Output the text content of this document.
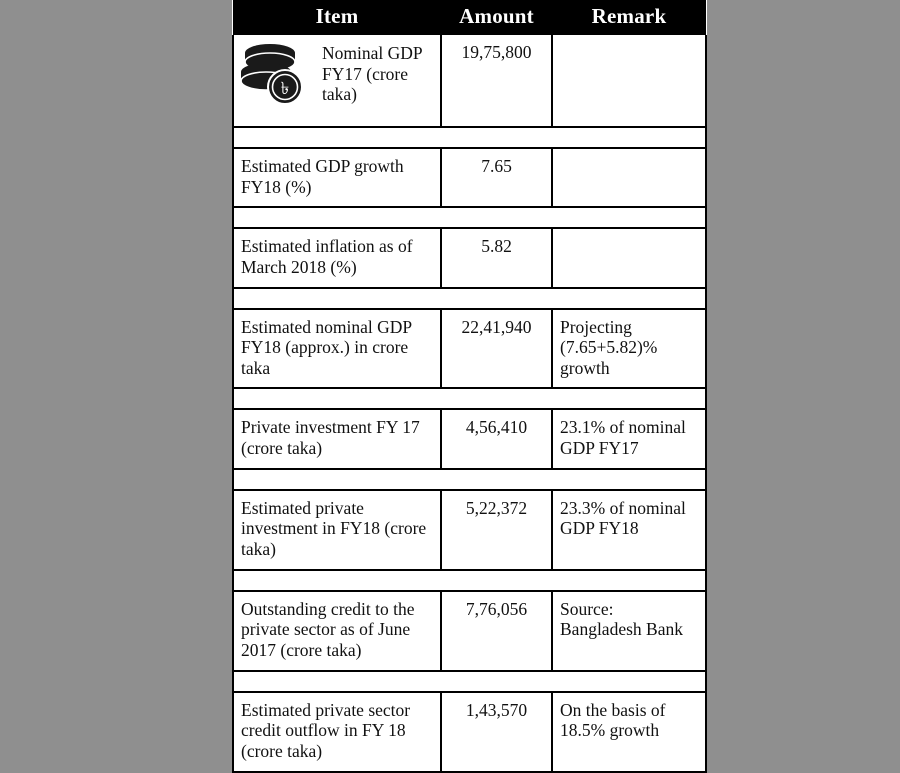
Item	Amount	Remark

৳
Nominal GDP FY17 (crore taka)	19,75,800	

Estimated GDP growth FY18 (%)	7.65	

Estimated inflation as of March 2018 (%)	5.82	

Estimated nominal GDP FY18 (approx.) in crore taka	22,41,940	Projecting (7.65+5.82)% growth

Private investment FY 17 (crore taka)	4,56,410	23.1% of nominal GDP FY17

Estimated private investment in FY18 (crore taka)	5,22,372	23.3% of nominal GDP FY18

Outstanding credit to the private sector as of June 2017 (crore taka)	7,76,056	Source: Bangladesh Bank

Estimated private sector credit outflow in FY 18 (crore taka)	1,43,570	On the basis of 18.5% growth
